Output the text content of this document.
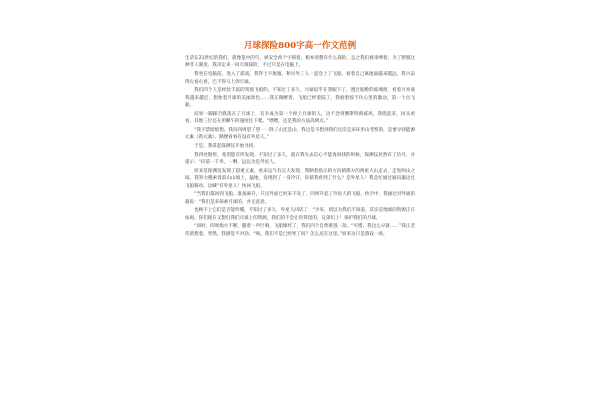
月球探险800字高一作文范例

生活在21世纪的我们，就像笼中的鸟，被安全两个字锁着，根本别想有什么探险。总之我们被束缚着。为了摆脱这种非人制度，我决定来一回月球探险，不过只是在电脑上。

我坐在电脑前，进入了游戏。我穿上宇航服，和另外三人一起登上了飞船。看着自己离地面越来越远，我兴奋得左看右看，巴不得马上到月球。

我们四个人是经验丰富的驾驶飞船的。不知过了多久，月球似乎在我眼下了，透过船舱的玻璃窗，看着月亮离我越来越近，想象着月球的美丽景色……我正陶醉着，飞船已经着陆了。我抱着按不住心里的激动，第一个出飞船。

结果一脚踩空跌落在了月球上，有幸成为第一个掉上月球的人，这不念到侧斯特朗威风，我爬起来，回头看看，其他三位还在用瞬午的速度往下爬。“嘿嘿，还是我的方法高明点。”

“我不禁暗暗想。我向四周望了望一一除了山还是山，我这是不想到我们这次是来环形山考察的，是要寻找能源元素（新元素），顺便看看有没有外星人。”

于是，我拿起探测仪开始寻找。

我四处勘察，希望能有所发现。不知过了多久，就在我失去信心不能再再找的时候，探测仪居然有了信号，并提示：“向前一千米，一颗，远以为是外星人。

原来是探测仪发现了超重元素，看来运气有点大发现。我顺着指示的方向朝那方的两座大山走去，走进两山之间。我努力搜索着前山山坡上，猛地，发现到了一身冷汗，你猜我看到了什么？是外星人！我急忙通过通讯器边往飞船移动，边喊“有外星人！快回飞船。

“当我们都回到飞船，准备离开，只见外面已经来不及了，四周升起了外星人的飞船，快空中，我通过对外通讯器说：“我们是来探索月球的，并无恶意。

也顾不上它们是否能听懂，不知过了多久，外星人回话了：“少来，别以为我们不知道，其实是地球的资源正在枯竭，你们现在又想打我们月球上的资源，我们的不会让你得逞的，兄弟们上！保护我们的月球。

“同时，四周炮火不断，随着一声巨响，飞船爆炸了，我们四个自然难逃一劫。“可惜，我这么早就……”我正悲伤情想着，突然，我感觉不对劲，“咦，我们不是已经死了吗？怎么还在这里。”原来这只是游戏一场。
